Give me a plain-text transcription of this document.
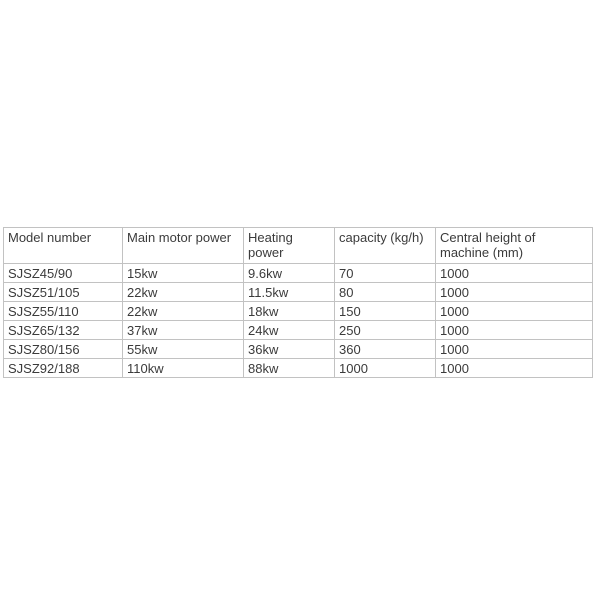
Model number	Main motor power	Heating power	capacity (kg/h)	Central height of machine (mm)
SJSZ45/90	15kw	9.6kw	70	1000
SJSZ51/105	22kw	11.5kw	80	1000
SJSZ55/110	22kw	18kw	150	1000
SJSZ65/132	37kw	24kw	250	1000
SJSZ80/156	55kw	36kw	360	1000
SJSZ92/188	110kw	88kw	1000	1000
